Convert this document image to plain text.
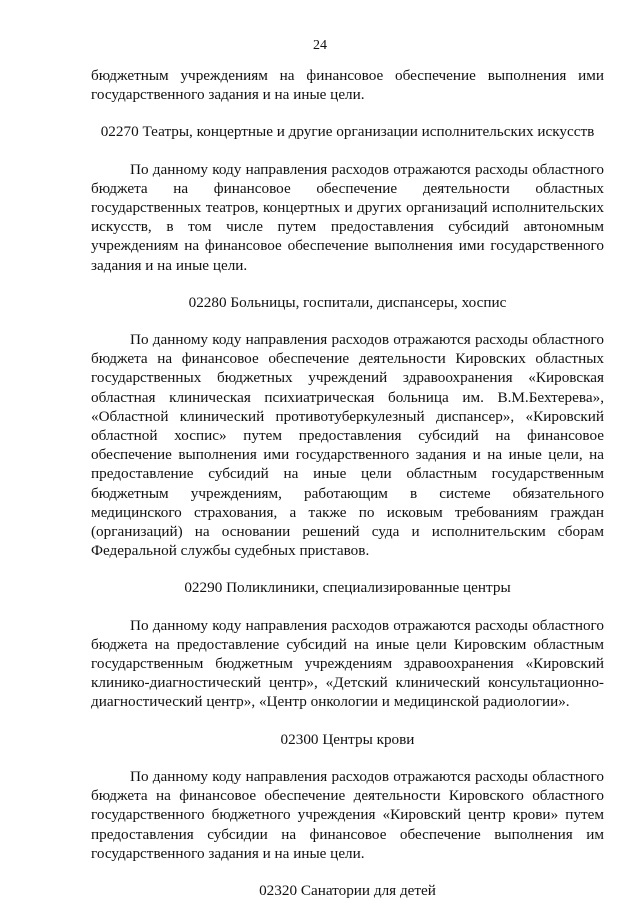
24

бюджетным учреждениям на финансовое обеспечение выполнения ими государственного задания и на иные цели.

02270 Театры, концертные и другие организации исполнительских искусств

По данному коду направления расходов отражаются расходы областного бюджета на финансовое обеспечение деятельности областных государственных театров, концертных и других организаций исполнительских искусств, в том числе путем предоставления субсидий автономным учреждениям на финансовое обеспечение выполнения ими государственного задания и на иные цели.

02280 Больницы, госпитали, диспансеры, хоспис

По данному коду направления расходов отражаются расходы областного бюджета на финансовое обеспечение деятельности Кировских областных государственных бюджетных учреждений здравоохранения «Кировская областная клиническая психиатрическая больница им. В.М.Бехтерева», «Областной клинический противотуберкулезный диспансер», «Кировский областной хоспис» путем предоставления субсидий на финансовое обеспечение выполнения ими государственного задания и на иные цели, на предоставление субсидий на иные цели областным государственным бюджетным учреждениям, работающим в системе обязательного медицинского страхования, а также по исковым требованиям граждан (организаций) на основании решений суда и исполнительским сборам Федеральной службы судебных приставов.

02290 Поликлиники, специализированные центры

По данному коду направления расходов отражаются расходы областного бюджета на предоставление субсидий на иные цели Кировским областным государственным бюджетным учреждениям здравоохранения «Кировский клинико-диагностический центр», «Детский клинический консультационно-диагностический центр», «Центр онкологии и медицинской радиологии».

02300 Центры крови

По данному коду направления расходов отражаются расходы областного бюджета на финансовое обеспечение деятельности Кировского областного государственного бюджетного учреждения «Кировский центр крови» путем предоставления субсидии на финансовое обеспечение выполнения им государственного задания и на иные цели.

02320 Санатории для детей
